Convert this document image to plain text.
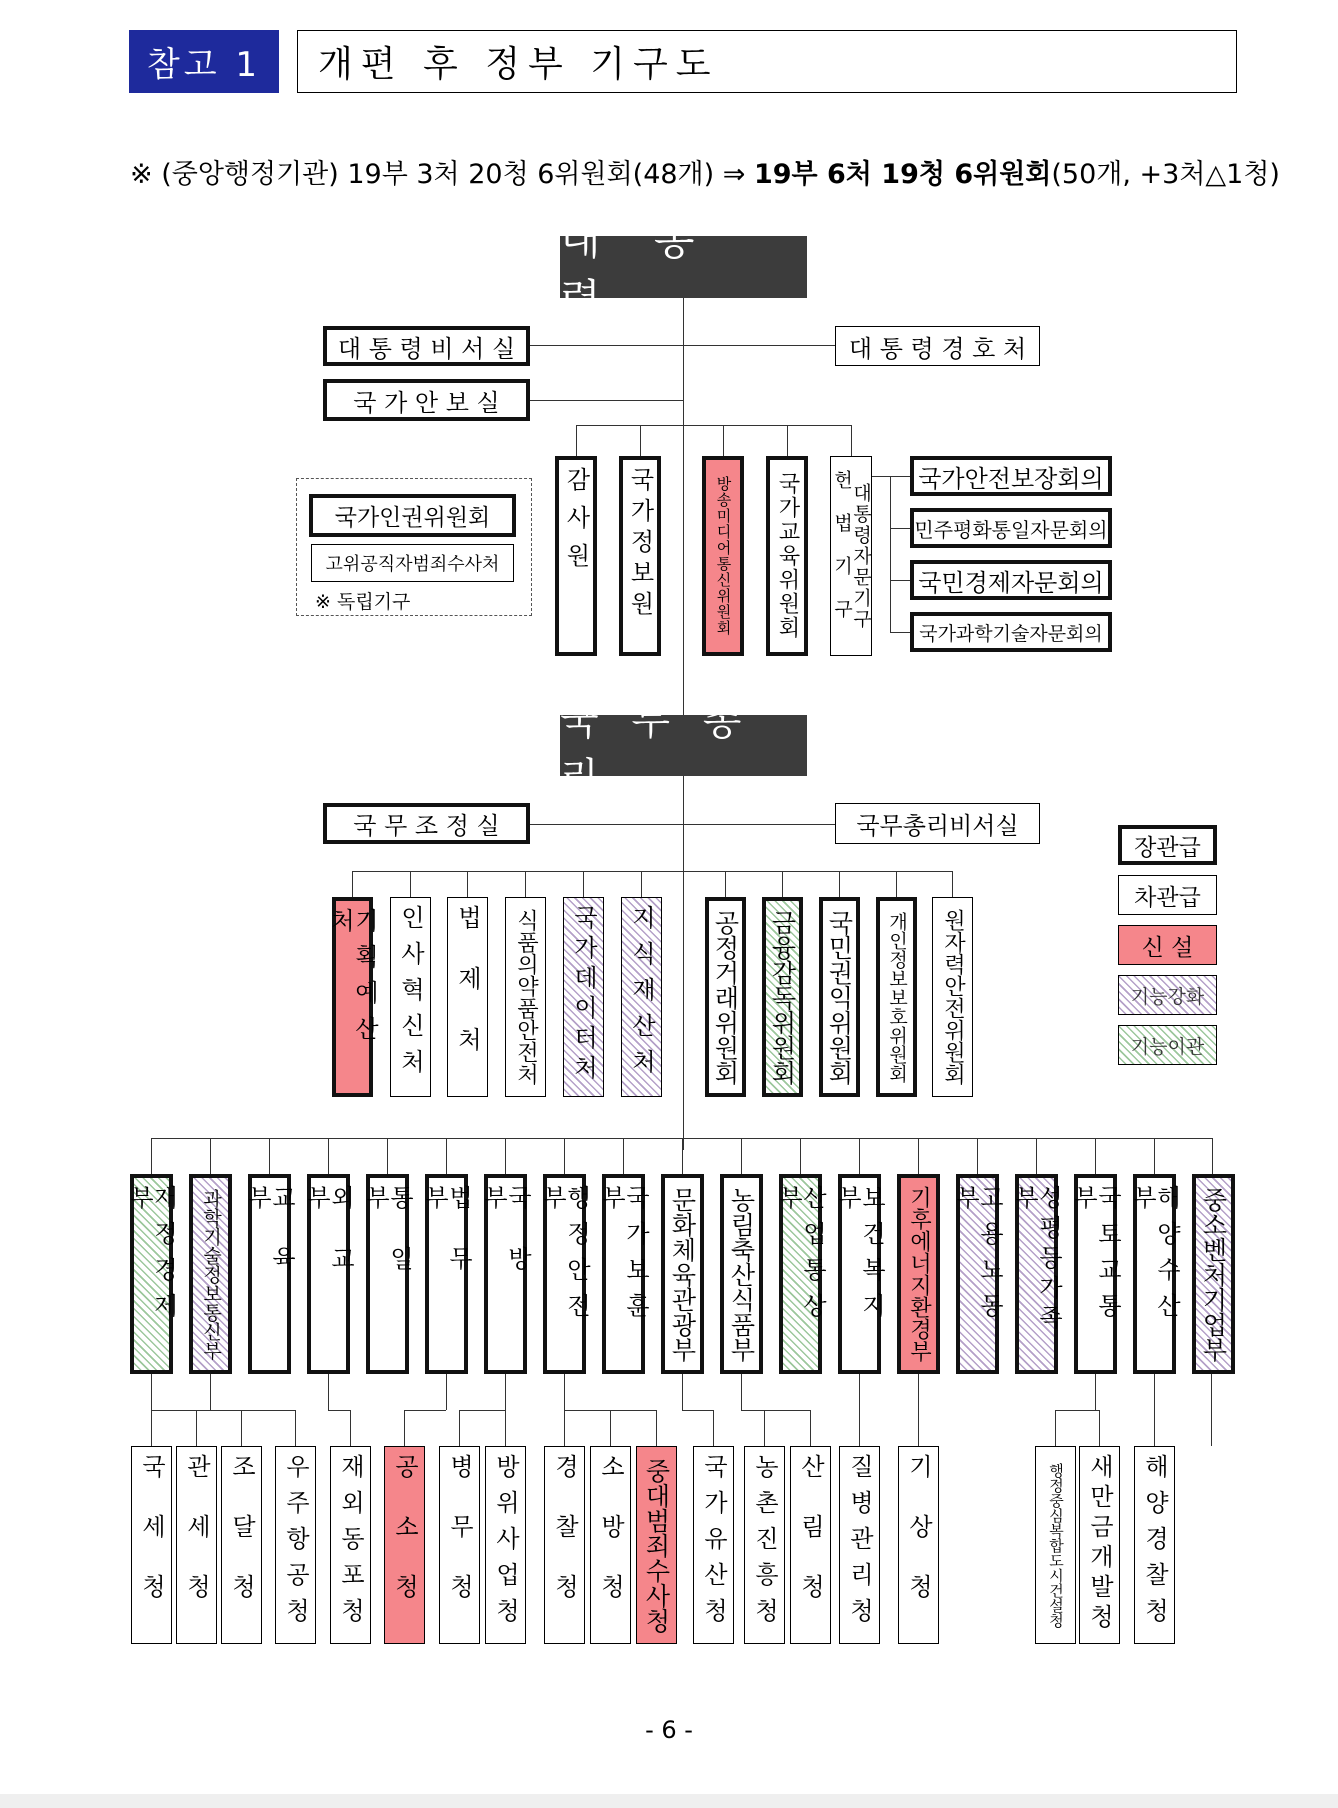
참고 1	개편 후 정부 기구도
※ (중앙행정기관) 19부 3처 20청 6위원회(48개) ⇒ 19부 6처 19청 6위원회(50개, +3처△1청)
대 통 령
대 통 령 비 서 실	대 통 령 경 호 처
국 가 안 보 실
감사원 국가정보원	방송미디어통신위원회 국가교육위원회	대통령자문기구
헌법기구	국가안전보장회의
민주평화통일자문회의
국민경제자문회의
국가과학기술자문회의
국가인권위원회
고위공직자범죄수사처
※ 독립기구
국 무 총 리
국 무 조 정 실	국무총리비서실
기획예산처	인사혁신처 법제처 식품의약품안전처 국가데이터처 지식재산처 공정거래위원회 금융감독위원회 국민권익위원회 개인정보보호위원회 원자력안전위원회
재정경제부	과학기술정보통신부	교육부	외교부	통일부	법무부	국방부	행정안전부	국가보훈부	문화체육관광부 농림축산식품부	산업통상부	보건복지부	기후에너지환경부	고용노동부	성평등가족부	국토교통부	해양수산부	중소벤처기업부
국세청 관세청 조달청 우주항공청 재외동포청 공소청 병무청 방위사업청 경찰청 소방청 중대범죄수사청 국가유산청 농촌진흥청 산림청 질병관리청 기상청	행정중심복합도시건설청 새만금개발청 해양경찰청
장관급
차관급
신 설
기능강화
기능이관
- 6 -
